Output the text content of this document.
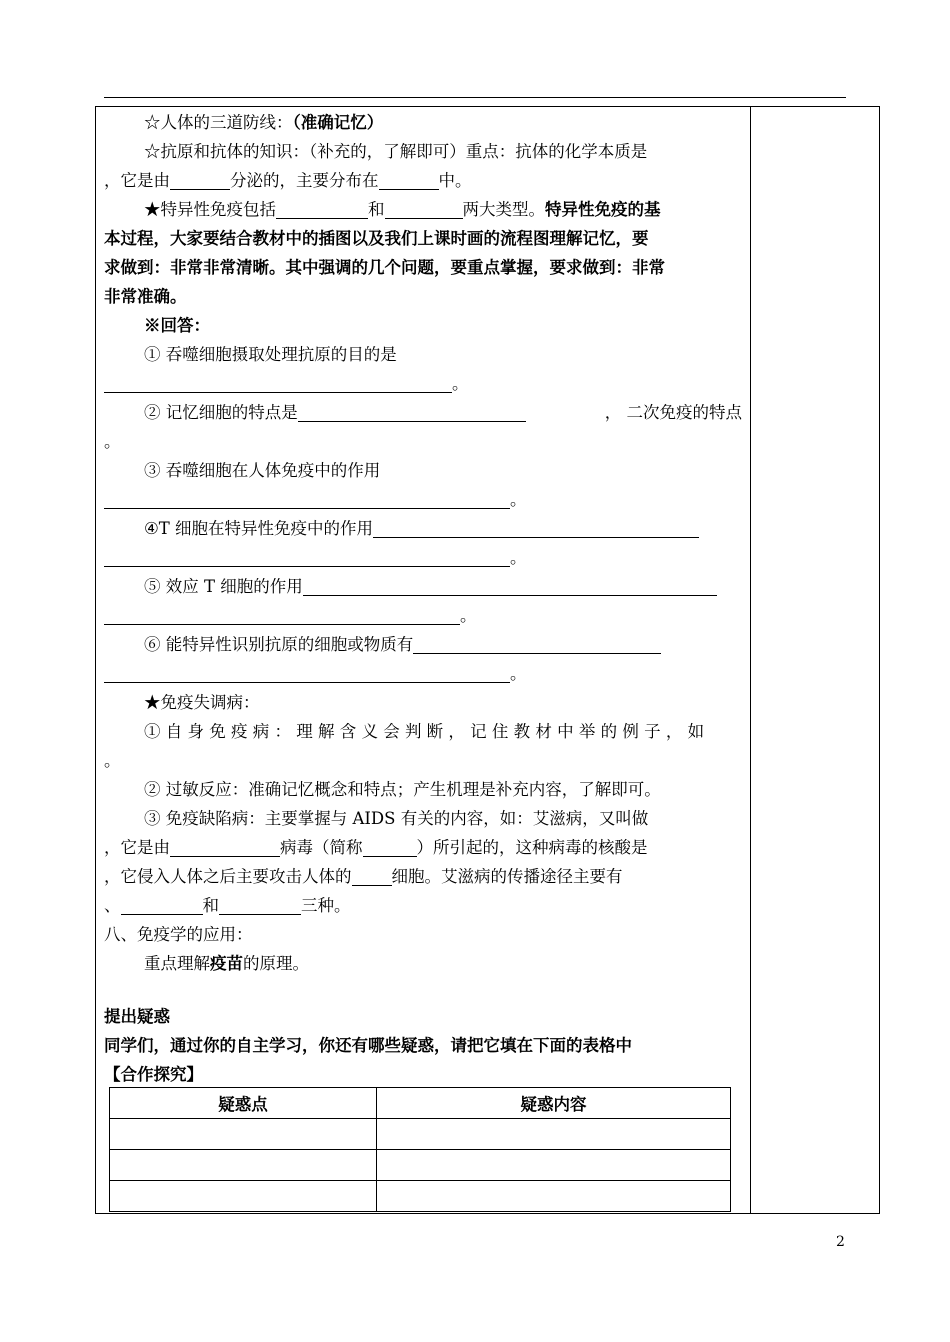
☆人体的三道防线：（准确记忆）
☆抗原和抗体的知识：（补充的，了解即可）重点：抗体的化学本质是
，它是由	分泌的，主要分布在	中。
★特异性免疫包括	和	两大类型。特异性免疫的基
本过程，大家要结合教材中的插图以及我们上课时画的流程图理解记忆，要
求做到：非常非常清晰。其中强调的几个问题，要重点掌握，要求做到：非常
非常准确。
※回答：
① 吞噬细胞摄取处理抗原的目的是
。
② 记忆细胞的特点是	， 二次免疫的特点
。
③ 吞噬细胞在人体免疫中的作用
。
④T 细胞在特异性免疫中的作用
。
⑤ 效应 T 细胞的作用
。
⑥ 能特异性识别抗原的细胞或物质有
。
★免疫失调病：
① 自 身 免 疫 病 ： 理 解 含 义 会 判 断 ， 记 住 教 材 中 举 的 例 子 ， 如
。
② 过敏反应：准确记忆概念和特点；产生机理是补充内容，了解即可。
③ 免疫缺陷病：主要掌握与 AIDS 有关的内容，如：艾滋病，又叫做
，它是由	病毒（简称	）所引起的，这种病毒的核酸是
，它侵入人体之后主要攻击人体的 细胞。艾滋病的传播途径主要有
、	和	三种。
八、免疫学的应用：
重点理解疫苗的原理。
提出疑惑
同学们，通过你的自主学习，你还有哪些疑惑，请把它填在下面的表格中
【合作探究】
疑惑点	疑惑内容

2
